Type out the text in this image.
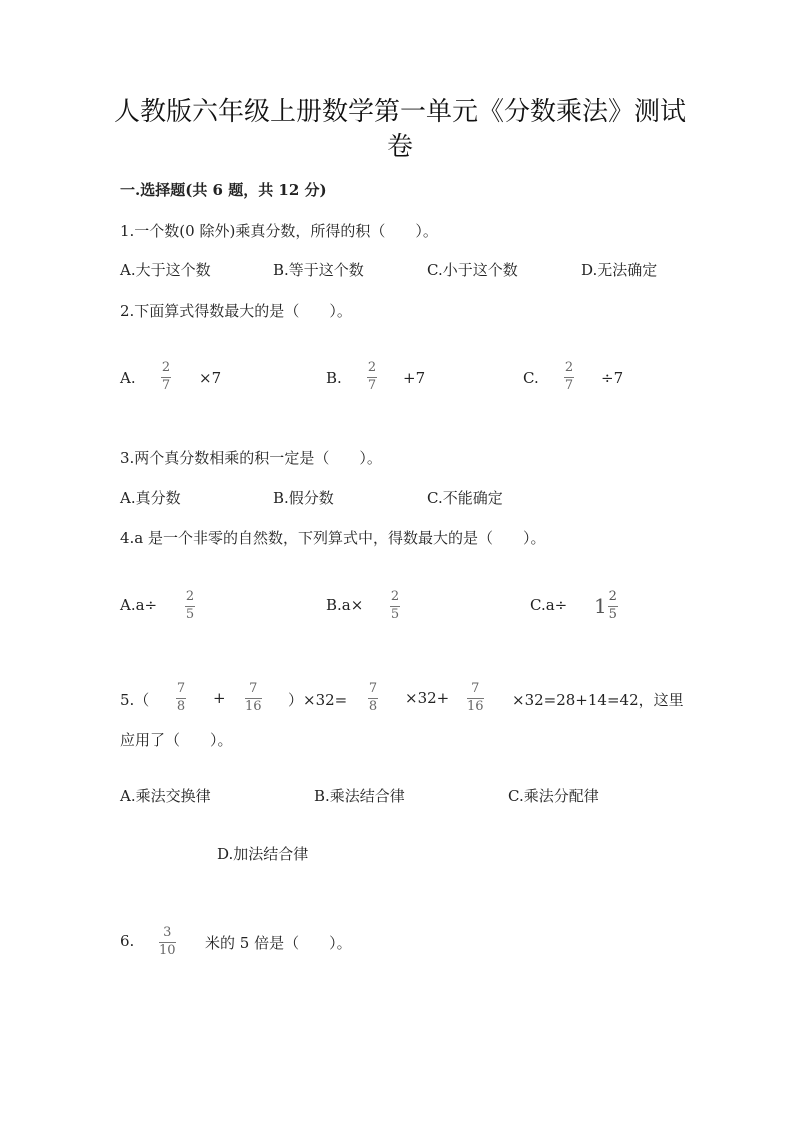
人教版六年级上册数学第一单元《分数乘法》测试
卷
一.选择题(共 6 题，共 12 分)
1.一个数(0 除外)乘真分数，所得的积（　　）。
A.大于这个数	B.等于这个数	C.小于这个数	D.无法确定
2.下面算式得数最大的是（　　）。
A.
2
7 ×7	B.
2
7 +7	C.
2
7 ÷7
3.两个真分数相乘的积一定是（　　）。
A.真分数	B.假分数	C.不能确定
4.a 是一个非零的自然数，下列算式中，得数最大的是（　　）。
A.a÷ 2
5
B.a× 2
5
$C.a\div 1 \frac{2}{5}$
5.（
7
8 +
7
16 ）×32=
7
8 ×32+
7
16 ×32=28+14=42，这里
应用了（　　）。
A.乘法交换律	B.乘法结合律	C.乘法分配律
D.加法结合律
6. 3
10 米的 5 倍是（　　）。
